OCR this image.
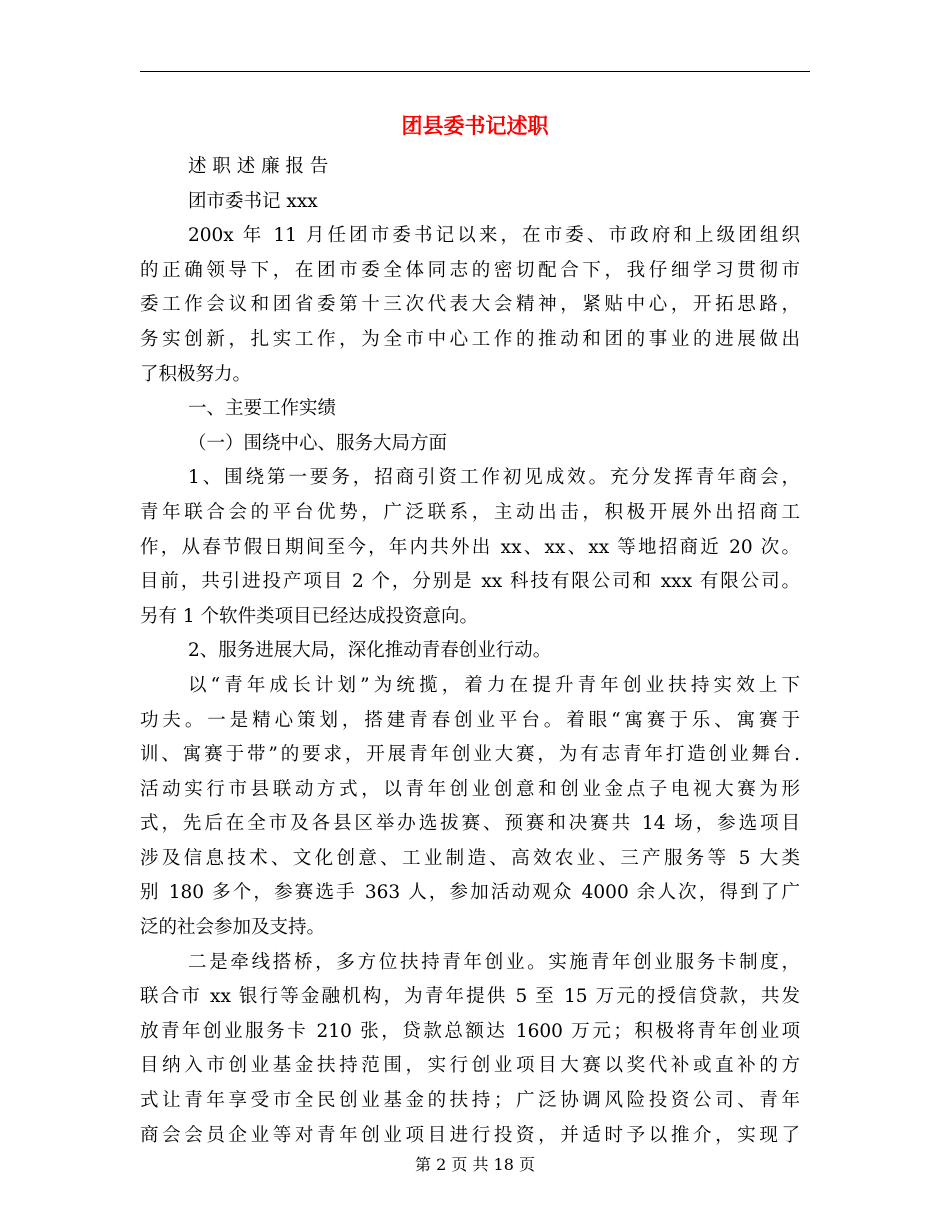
团县委书记述职
述 职 述 廉 报 告
团市委书记 xxx
200x 年 11 月任团市委书记以来，在市委、市政府和上级团组织
的正确领导下，在团市委全体同志的密切配合下，我仔细学习贯彻市
委工作会议和团省委第十三次代表大会精神，紧贴中心，开拓思路，
务实创新，扎实工作，为全市中心工作的推动和团的事业的进展做出
了积极努力。
一、主要工作实绩
（一）围绕中心、服务大局方面
1、围绕第一要务，招商引资工作初见成效。充分发挥青年商会，
青年联合会的平台优势，广泛联系，主动出击，积极开展外出招商工
作，从春节假日期间至今，年内共外出 xx、xx、xx 等地招商近 20 次。
目前，共引进投产项目 2 个，分别是 xx 科技有限公司和 xxx 有限公司。
另有 1 个软件类项目已经达成投资意向。
2、服务进展大局，深化推动青春创业行动。
以“青年成长计划”为统揽，着力在提升青年创业扶持实效上下
功夫。一是精心策划，搭建青春创业平台。着眼“寓赛于乐、寓赛于
训、寓赛于带”的要求，开展青年创业大赛，为有志青年打造创业舞台.
活动实行市县联动方式，以青年创业创意和创业金点子电视大赛为形
式，先后在全市及各县区举办选拔赛、预赛和决赛共 14 场，参选项目
涉及信息技术、文化创意、工业制造、高效农业、三产服务等 5 大类
别 180 多个，参赛选手 363 人，参加活动观众 4000 余人次，得到了广
泛的社会参加及支持。
二是牵线搭桥，多方位扶持青年创业。实施青年创业服务卡制度，
联合市 xx 银行等金融机构，为青年提供 5 至 15 万元的授信贷款，共发
放青年创业服务卡 210 张，贷款总额达 1600 万元；积极将青年创业项
目纳入市创业基金扶持范围，实行创业项目大赛以奖代补或直补的方
式让青年享受市全民创业基金的扶持；广泛协调风险投资公司、青年
商会会员企业等对青年创业项目进行投资，并适时予以推介，实现了
第 2 页 共 18 页
